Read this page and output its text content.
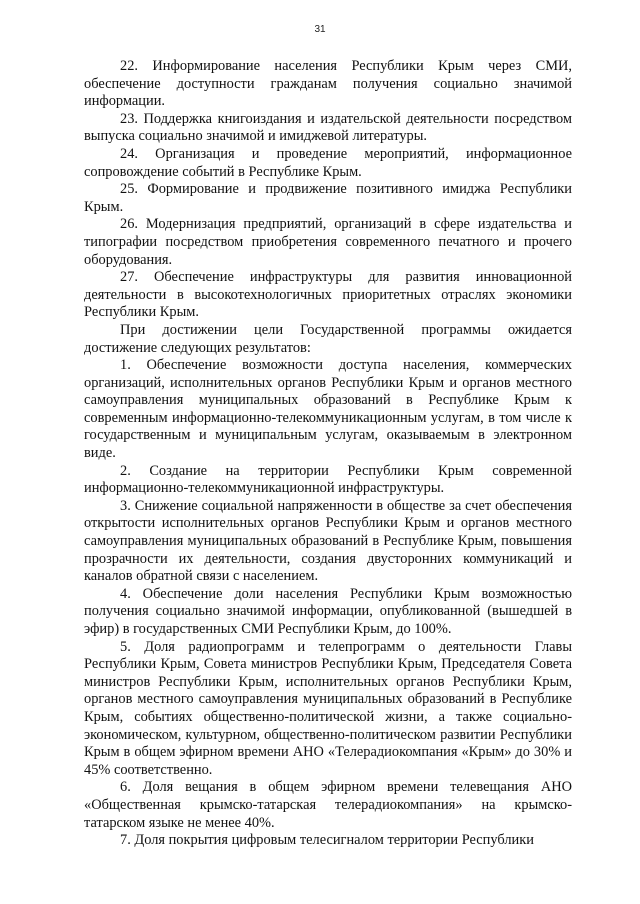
31

22. Информирование населения Республики Крым через СМИ, обеспечение доступности гражданам получения социально значимой информации.

23. Поддержка книгоиздания и издательской деятельности посредством выпуска социально значимой и имиджевой литературы.

24. Организация и проведение мероприятий, информационное сопровождение событий в Республике Крым.

25. Формирование и продвижение позитивного имиджа Республики Крым.

26. Модернизация предприятий, организаций в сфере издательства и типографии посредством приобретения современного печатного и прочего оборудования.

27. Обеспечение инфраструктуры для развития инновационной деятельности в высокотехнологичных приоритетных отраслях экономики Республики Крым.

При достижении цели Государственной программы ожидается достижение следующих результатов:

1. Обеспечение возможности доступа населения, коммерческих организаций, исполнительных органов Республики Крым и органов местного самоуправления муниципальных образований в Республике Крым к современным информационно-телекоммуникационным услугам, в том числе к государственным и муниципальным услугам, оказываемым в электронном виде.

2. Создание на территории Республики Крым современной информационно-телекоммуникационной инфраструктуры.

3. Снижение социальной напряженности в обществе за счет обеспечения открытости исполнительных органов Республики Крым и органов местного самоуправления муниципальных образований в Республике Крым, повышения прозрачности их деятельности, создания двусторонних коммуникаций и каналов обратной связи с населением.

4. Обеспечение доли населения Республики Крым возможностью получения социально значимой информации, опубликованной (вышедшей в эфир) в государственных СМИ Республики Крым, до 100%.

5. Доля радиопрограмм и телепрограмм о деятельности Главы Республики Крым, Совета министров Республики Крым, Председателя Совета министров Республики Крым, исполнительных органов Республики Крым, органов местного самоуправления муниципальных образований в Республике Крым, событиях общественно-политической жизни, а также социально-экономическом, культурном, общественно-политическом развитии Республики Крым в общем эфирном времени АНО «Телерадиокомпания «Крым» до 30% и 45% соответственно.

6. Доля вещания в общем эфирном времени телевещания АНО «Общественная крымско-татарская телерадиокомпания» на крымско-татарском языке не менее 40%.

7. Доля покрытия цифровым телесигналом территории Республики
